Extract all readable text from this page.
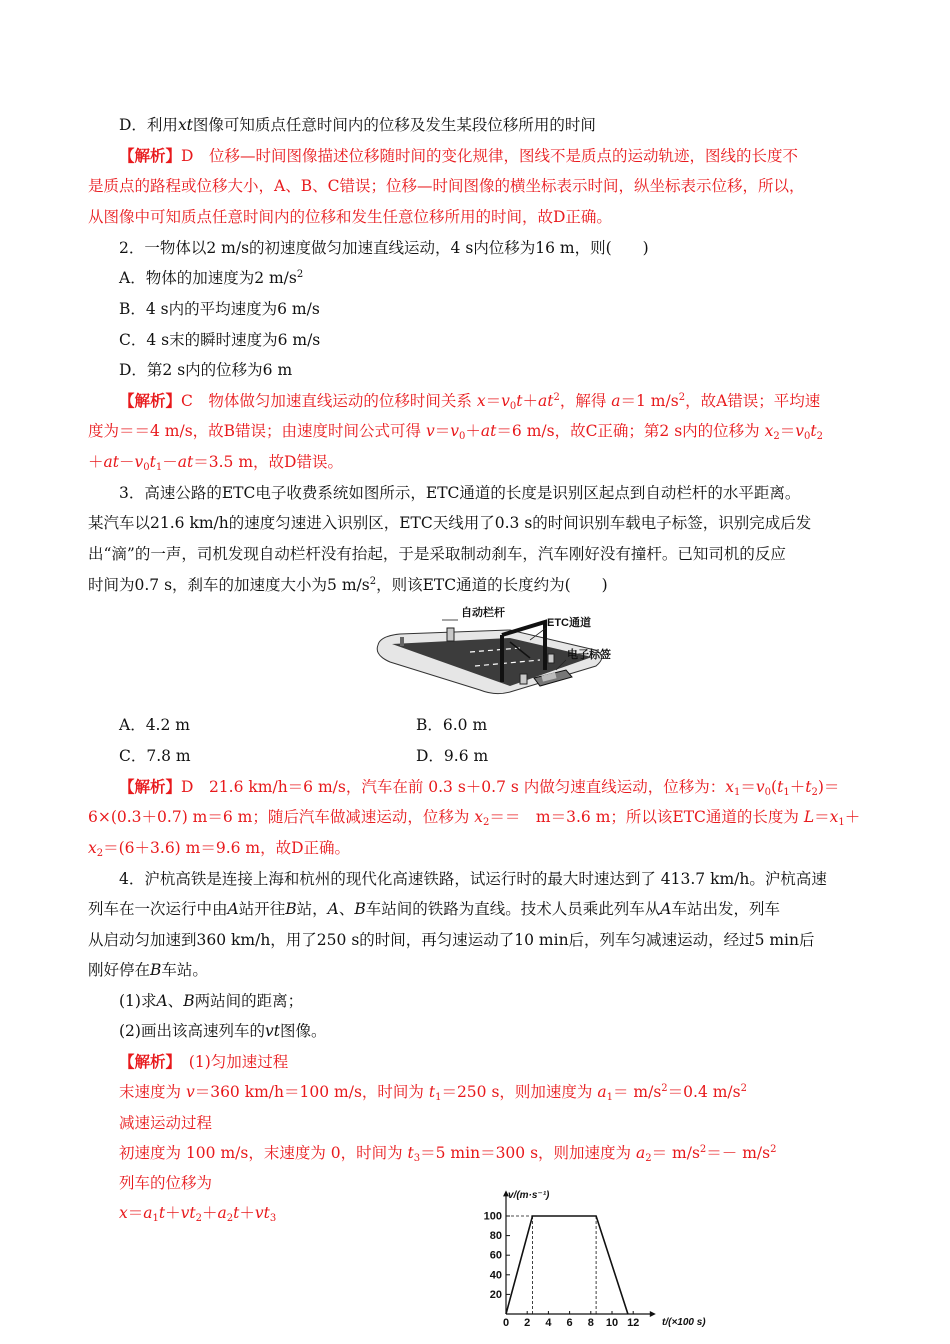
D．利用xt图像可知质点任意时间内的位移及发生某段位移所用的时间
【解析】D　位移—时间图像描述位移随时间的变化规律，图线不是质点的运动轨迹，图线的长度不
是质点的路程或位移大小，A、B、C错误；位移—时间图像的横坐标表示时间，纵坐标表示位移，所以，
从图像中可知质点任意时间内的位移和发生任意位移所用的时间，故D正确。
2．一物体以2 m/s的初速度做匀加速直线运动，4 s内位移为16 m，则(　　)
A．物体的加速度为2 $m/s^2$
B．4 s内的平均速度为6 m/s
C．4 s末的瞬时速度为6 m/s
D．第2 s内的位移为6 m
【解析】C　物体做匀加速直线运动的位移时间关系 $x=v_0t+at^2$，解得 a＝1 $m/s^2$，故A错误；平均速
度为＝＝4 m/s，故B错误；由速度时间公式可得 $v=v_0+at=6$ m/s，故C正确；第2 s内的位移为 $x_2=v_0t_2$
$+at-v_0t_1-at=3.5$ m，故D错误。
3．高速公路的ETC电子收费系统如图所示，ETC通道的长度是识别区起点到自动栏杆的水平距离。
某汽车以21.6 km/h的速度匀速进入识别区，ETC天线用了0.3 s的时间识别车载电子标签，识别完成后发
出“滴”的一声，司机发现自动栏杆没有抬起，于是采取制动刹车，汽车刚好没有撞杆。已知司机的反应
时间为0.7 s，刹车的加速度大小为5 $m/s^2$，则该ETC通道的长度约为(　　)
自动栏杆
ETC通道
电子标签
A．4.2 m	B．6.0 m
C．7.8 m	D．9.6 m
【解析】D　21.6 km/h＝6 m/s，汽车在前 0.3 s＋0.7 s 内做匀速直线运动，位移为：$x_1=v_0(t_1+t_2)=$
6×(0.3＋0.7) m＝6 m；随后汽车做减速运动，位移为 $x_2==$　m＝3.6 m；所以该ETC通道的长度为 $L=x_1+$
$x_2=(6+3.6)$ m＝9.6 m，故D正确。
4．沪杭高铁是连接上海和杭州的现代化高速铁路，试运行时的最大时速达到了 413.7 km/h。沪杭高速
列车在一次运行中由A站开往B站，A、B车站间的铁路为直线。技术人员乘此列车从A车站出发，列车
从启动匀加速到360 km/h，用了250 s的时间，再匀速运动了10 min后，列车匀减速运动，经过5 min后
刚好停在B车站。
(1)求A、B两站间的距离；
(2)画出该高速列车的vt图像。
【解析】　 (1)匀加速过程
末速度为 v＝360 km/h＝100 m/s，时间为 $t_1=250$ s，则加速度为 $a_1= m/s^2=0.4$ $m/s^2$
减速运动过程
初速度为 100 m/s，末速度为 0，时间为 $t_3=5$ min＝300 s，则加速度为 $a_2= m/s^2=- m/s^2$
列车的位移为
$x=a_1t+vt_2+a_2t+vt_3$
20
40
60
80
100
0 2 4 6 8 10 12
v/(m·s⁻¹)
t/(×100 s)
